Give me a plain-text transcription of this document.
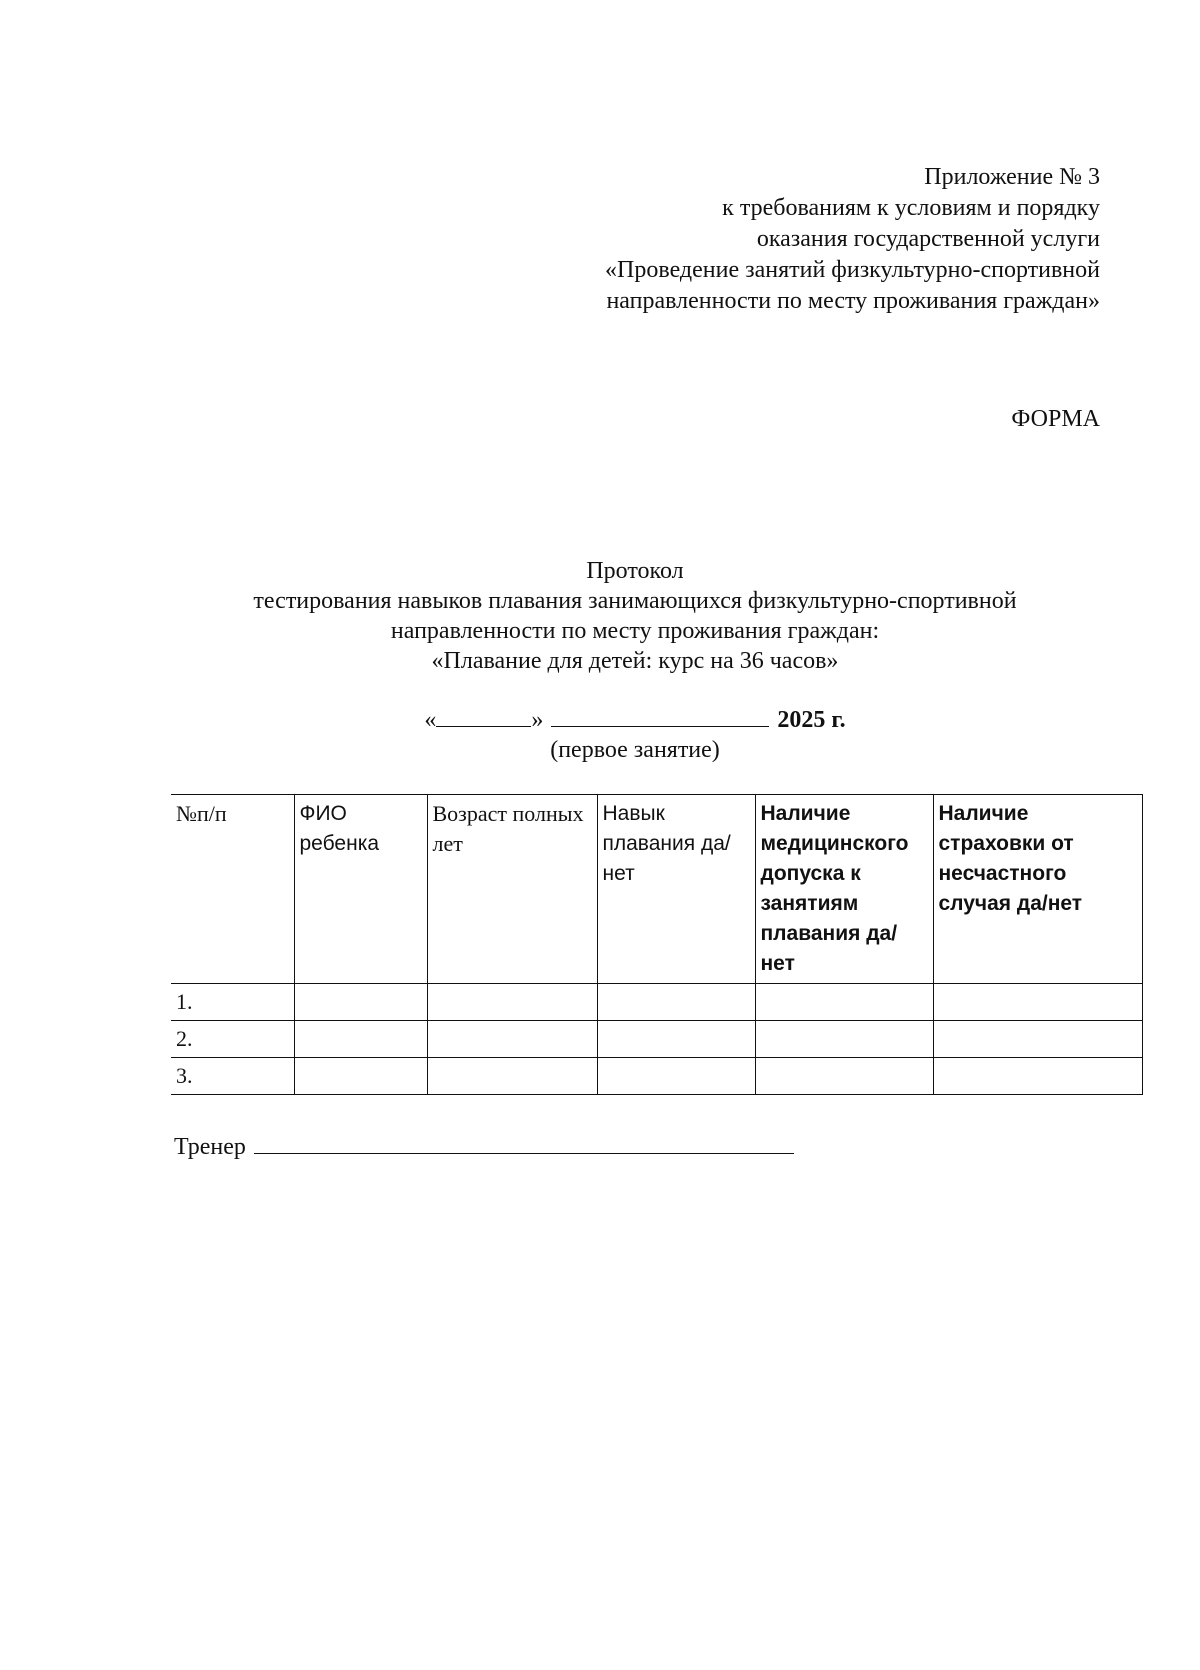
Приложение № 3
к требованиям к условиям и порядку
оказания государственной услуги
«Проведение занятий физкультурно-спортивной
направленности по месту проживания граждан»
ФОРМА
Протокол
тестирования навыков плавания занимающихся физкультурно-спортивной
направленности по месту проживания граждан:
«Плавание для детей: курс на 36 часов»
«	»	2025 г.
(первое занятие)
№п/п	ФИО ребенка	Возраст полных лет	Навык плавания да/нет	Наличие медицинского допуска к занятиям плавания да/нет	Наличие страховки от несчастного случая да/нет
1.					
2.					
3.					
Тренер
